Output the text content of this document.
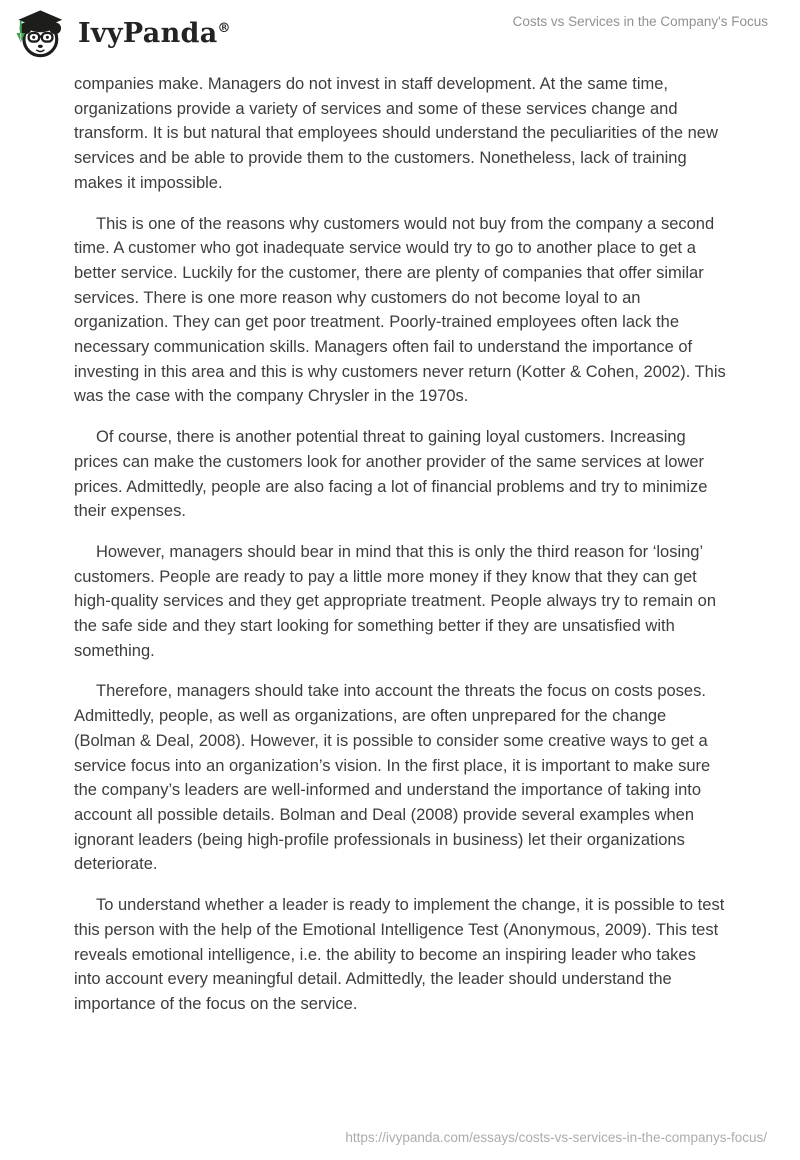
IvyPanda®	Costs vs Services in the Company's Focus

companies make. Managers do not invest in staff development. At the same time, organizations provide a variety of services and some of these services change and transform. It is but natural that employees should understand the peculiarities of the new services and be able to provide them to the customers. Nonetheless, lack of training makes it impossible.

This is one of the reasons why customers would not buy from the company a second time. A customer who got inadequate service would try to go to another place to get a better service. Luckily for the customer, there are plenty of companies that offer similar services. There is one more reason why customers do not become loyal to an organization. They can get poor treatment. Poorly-trained employees often lack the necessary communication skills. Managers often fail to understand the importance of investing in this area and this is why customers never return (Kotter & Cohen, 2002). This was the case with the company Chrysler in the 1970s.

Of course, there is another potential threat to gaining loyal customers. Increasing prices can make the customers look for another provider of the same services at lower prices. Admittedly, people are also facing a lot of financial problems and try to minimize their expenses.

However, managers should bear in mind that this is only the third reason for ‘losing’ customers. People are ready to pay a little more money if they know that they can get high-quality services and they get appropriate treatment. People always try to remain on the safe side and they start looking for something better if they are unsatisfied with something.

Therefore, managers should take into account the threats the focus on costs poses. Admittedly, people, as well as organizations, are often unprepared for the change (Bolman & Deal, 2008). However, it is possible to consider some creative ways to get a service focus into an organization’s vision. In the first place, it is important to make sure the company’s leaders are well-informed and understand the importance of taking into account all possible details. Bolman and Deal (2008) provide several examples when ignorant leaders (being high-profile professionals in business) let their organizations deteriorate.

To understand whether a leader is ready to implement the change, it is possible to test this person with the help of the Emotional Intelligence Test (Anonymous, 2009). This test reveals emotional intelligence, i.e. the ability to become an inspiring leader who takes into account every meaningful detail. Admittedly, the leader should understand the importance of the focus on the service.

https://ivypanda.com/essays/costs-vs-services-in-the-companys-focus/
